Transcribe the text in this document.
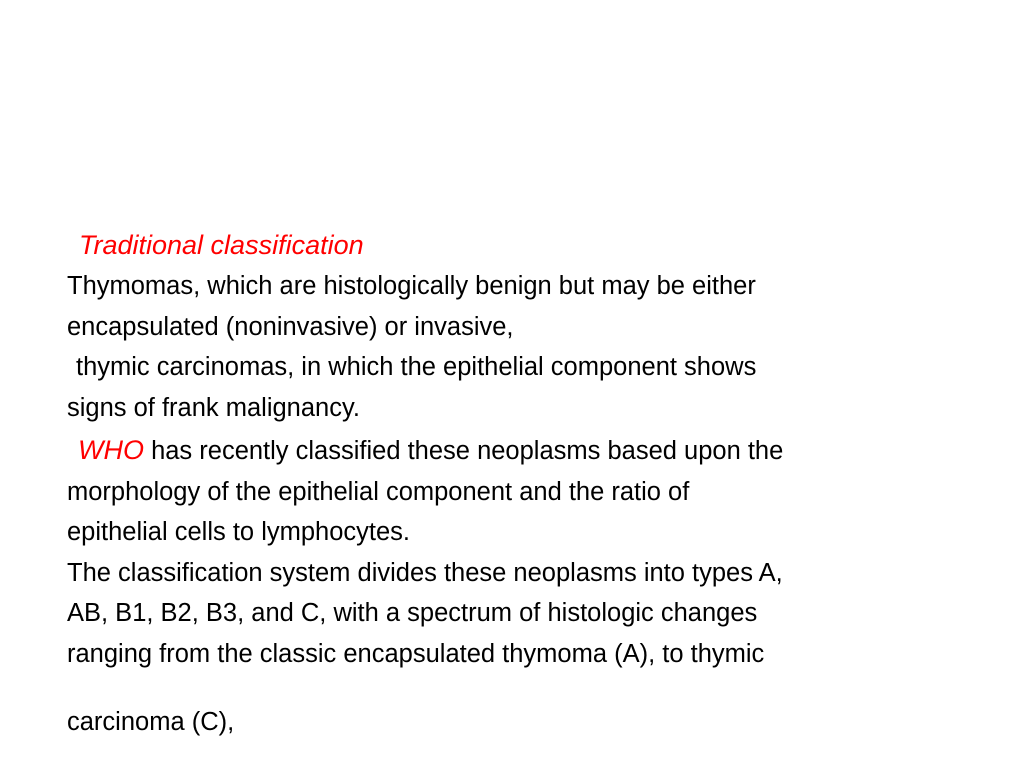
Traditional classification
Thymomas, which are histologically benign but may be either
encapsulated (noninvasive) or invasive,
thymic carcinomas, in which the epithelial component shows
signs of frank malignancy.
WHO has recently classified these neoplasms based upon the
morphology of the epithelial component and the ratio of
epithelial cells to lymphocytes.
The classification system divides these neoplasms into types A,
AB, B1, B2, B3, and C, with a spectrum of histologic changes
ranging from the classic encapsulated thymoma (A), to thymic
carcinoma (C),
